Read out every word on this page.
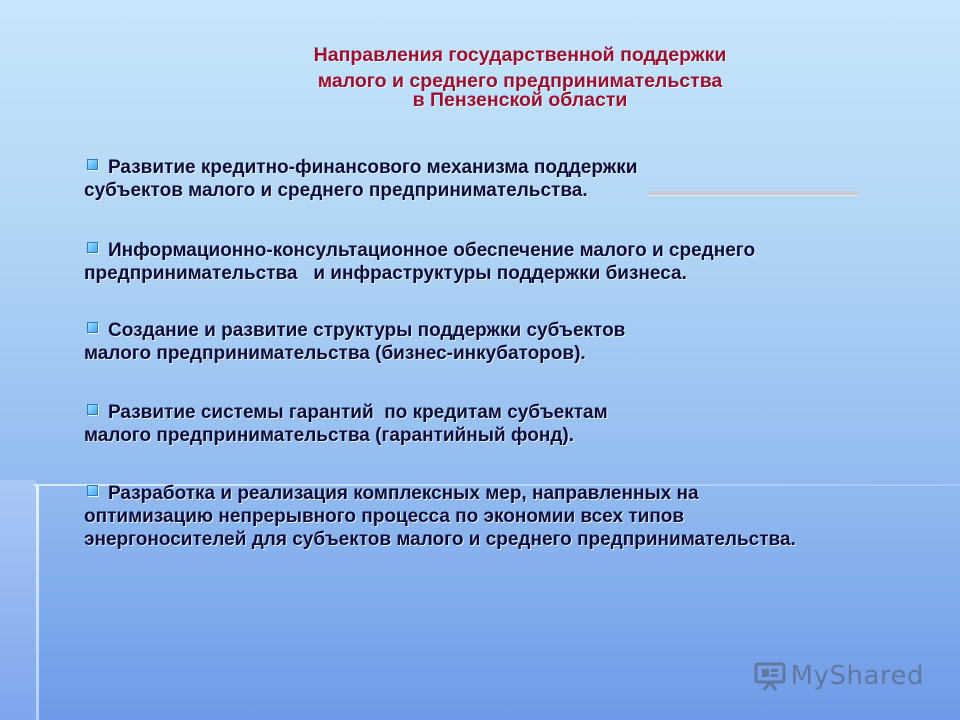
Направления государственной поддержки
малого и среднего предпринимательства
в Пензенской области
Развитие кредитно-финансового механизма поддержки
субъектов малого и среднего предпринимательства.
Информационно-консультационное обеспечение малого и среднего
предпринимательства   и инфраструктуры поддержки бизнеса.
Создание и развитие структуры поддержки субъектов
малого предпринимательства (бизнес-инкубаторов).
Развитие системы гарантий  по кредитам субъектам
малого предпринимательства (гарантийный фонд).
Разработка и реализация комплексных мер, направленных на
оптимизацию непрерывного процесса по экономии всех типов
энергоносителей для субъектов малого и среднего предпринимательства.
MyShared
